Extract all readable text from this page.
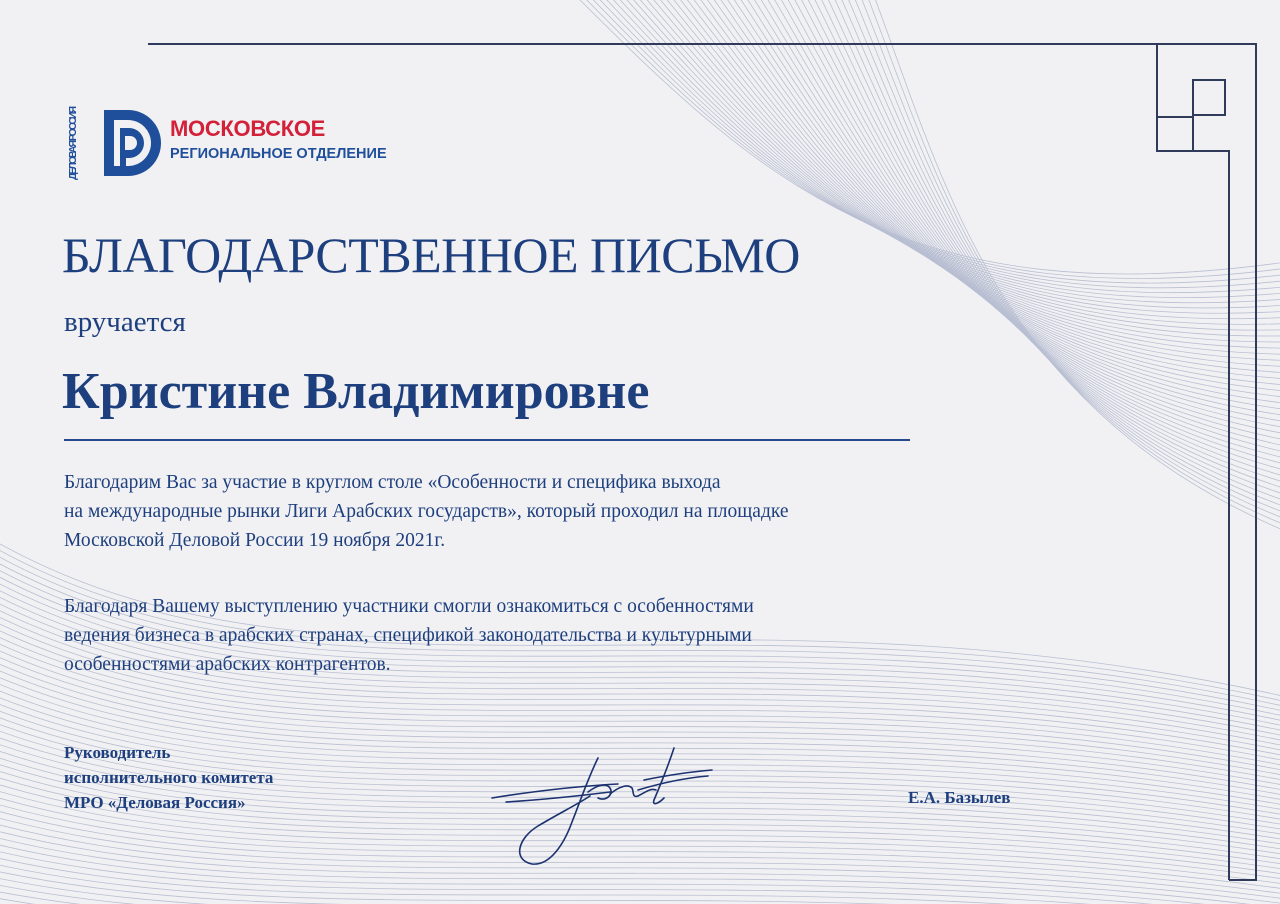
ДЕЛОВАЯ РОССИЯ
МОСКОВСКОЕ
РЕГИОНАЛЬНОЕ ОТДЕЛЕНИЕ
БЛАГОДАРСТВЕННОЕ ПИСЬМО
вручается
Кристине Владимировне
Благодарим Вас за участие в круглом столе «Особенности и специфика выхода
на международные рынки Лиги Арабских государств», который проходил на площадке
Московской Деловой России 19 ноября 2021г.
Благодаря Вашему выступлению участники смогли ознакомиться с особенностями
ведения бизнеса в арабских странах, спецификой законодательства и культурными
особенностями арабских контрагентов.
Руководитель
исполнительного комитета
МРО «Деловая Россия»	Е.А. Базылев
